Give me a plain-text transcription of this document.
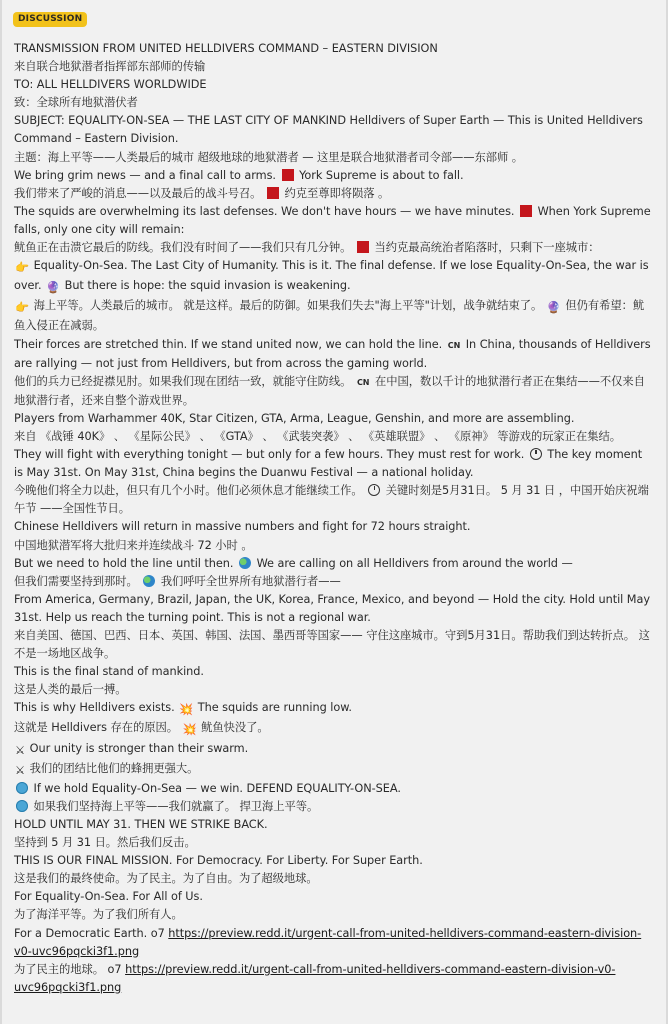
DISCUSSION

TRANSMISSION FROM UNITED HELLDIVERS COMMAND – EASTERN DIVISION

来自联合地狱潜者指挥部东部师的传输

TO: ALL HELLDIVERS WORLDWIDE

致：全球所有地狱潜伏者

SUBJECT: EQUALITY-ON-SEA — THE LAST CITY OF MANKIND Helldivers of Super Earth — This is United Helldivers Command – Eastern Division.

主题：海上平等——人类最后的城市 超级地球的地狱潜者 — 这里是联合地狱潜者司令部——东部师 。

We bring grim news — and a final call to arms. York Supreme is about to fall.

我们带来了严峻的消息——以及最后的战斗号召。 约克至尊即将陨落 。

The squids are overwhelming its last defenses. We don't have hours — we have minutes. When York Supreme falls, only one city will remain:

鱿鱼正在击溃它最后的防线。我们没有时间了——我们只有几分钟。 当约克最高统治者陷落时，只剩下一座城市：

👉 Equality-On-Sea. The Last City of Humanity. This is it. The final defense. If we lose Equality-On-Sea, the war is over. 🔮 But there is hope: the squid invasion is weakening.

👉 海上平等。人类最后的城市。 就是这样。最后的防御。如果我们失去"海上平等"计划，战争就结束了。 🔮 但仍有希望：鱿鱼入侵正在减弱。

Their forces are stretched thin. If we stand united now, we can hold the line. CN In China, thousands of Helldivers are rallying — not just from Helldivers, but from across the gaming world.

他们的兵力已经捉襟见肘。如果我们现在团结一致，就能守住防线。 CN 在中国，数以千计的地狱潜行者正在集结——不仅来自地狱潜行者，还来自整个游戏世界。

Players from Warhammer 40K, Star Citizen, GTA, Arma, League, Genshin, and more are assembling.

来自 《战锤 40K》 、 《星际公民》 、 《GTA》 、 《武装突袭》 、 《英雄联盟》 、 《原神》 等游戏的玩家正在集结。

They will fight with everything tonight — but only for a few hours. They must rest for work. The key moment is May 31st. On May 31st, China begins the Duanwu Festival — a national holiday.

今晚他们将全力以赴，但只有几个小时。他们必须休息才能继续工作。 关键时刻是5月31日。 5 月 31 日 ，中国开始庆祝端午节 ——全国性节日。

Chinese Helldivers will return in massive numbers and fight for 72 hours straight.

中国地狱潜军将大批归来并连续战斗 72 小时 。

But we need to hold the line until then. We are calling on all Helldivers from around the world —

但我们需要坚持到那时。 我们呼吁全世界所有地狱潜行者——

From America, Germany, Brazil, Japan, the UK, Korea, France, Mexico, and beyond — Hold the city. Hold until May 31st. Help us reach the turning point. This is not a regional war.

来自美国、德国、巴西、日本、英国、韩国、法国、墨西哥等国家—— 守住这座城市。守到5月31日。帮助我们到达转折点。 这不是一场地区战争。

This is the final stand of mankind.

这是人类的最后一搏。

This is why Helldivers exists. 💥 The squids are running low.

这就是 Helldivers 存在的原因。 💥 鱿鱼快没了。

⚔ Our unity is stronger than their swarm.

⚔ 我们的团结比他们的蜂拥更强大。

If we hold Equality-On-Sea — we win. DEFEND EQUALITY-ON-SEA.

如果我们坚持海上平等——我们就赢了。 捍卫海上平等。

HOLD UNTIL MAY 31. THEN WE STRIKE BACK.

坚持到 5 月 31 日。然后我们反击。

THIS IS OUR FINAL MISSION. For Democracy. For Liberty. For Super Earth.

这是我们的最终使命。为了民主。为了自由。为了超级地球。

For Equality-On-Sea. For All of Us.

为了海洋平等。为了我们所有人。

For a Democratic Earth. o7 https://preview.redd.it/urgent-call-from-united-helldivers-command-eastern-division-
v0-uvc96pqcki3f1.png

为了民主的地球。 o7 https://preview.redd.it/urgent-call-from-united-helldivers-command-eastern-division-v0-
uvc96pqcki3f1.png
